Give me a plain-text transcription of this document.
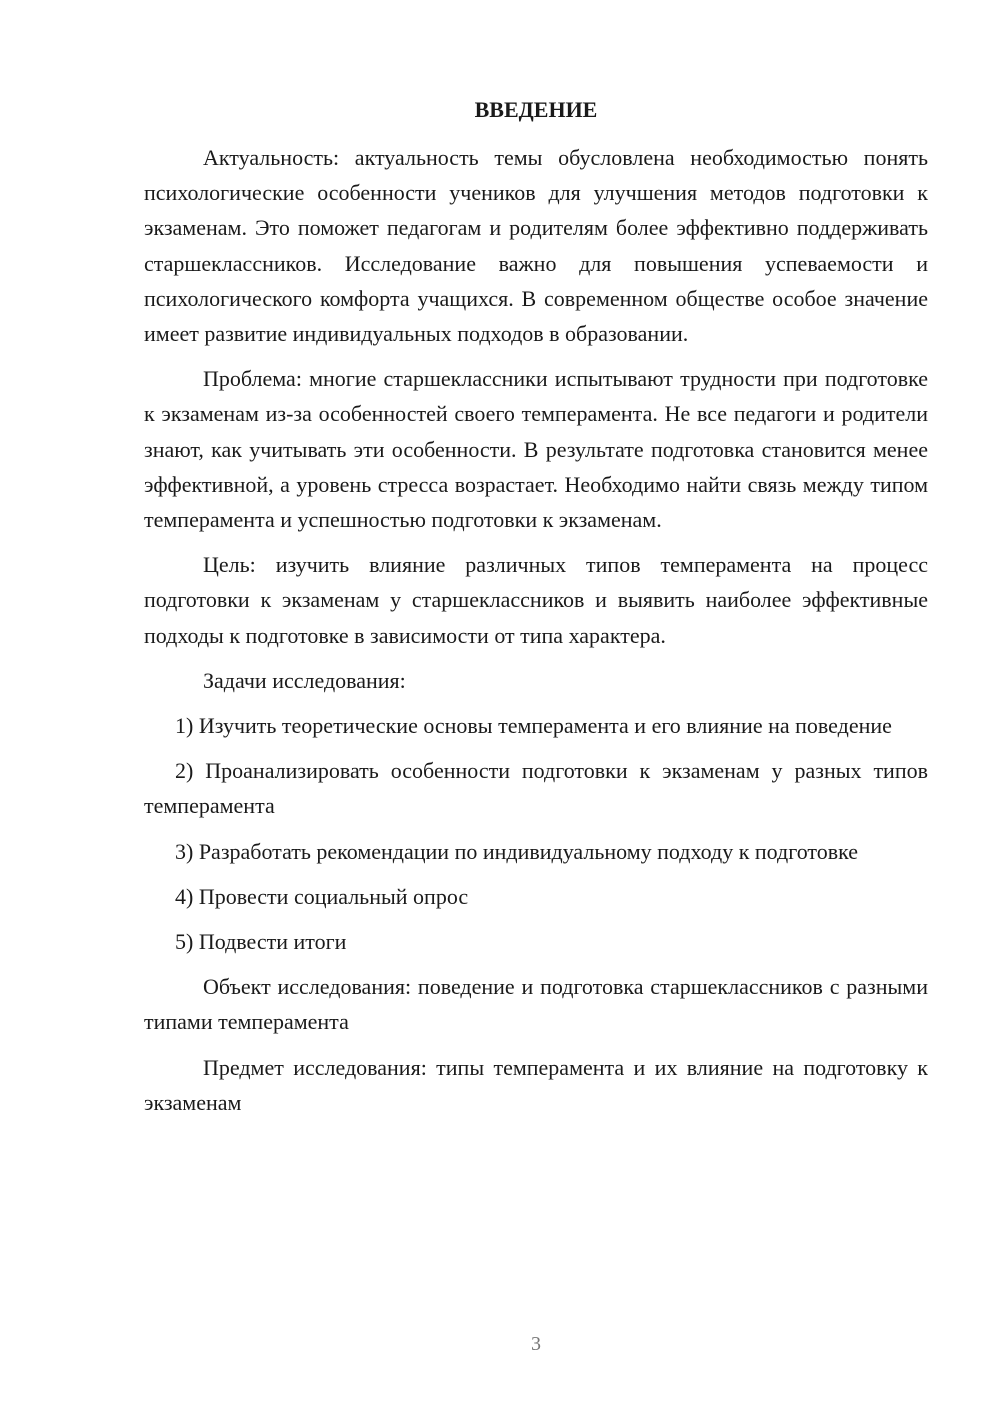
ВВЕДЕНИЕ

Актуальность: актуальность темы обусловлена необходимостью понять психологические особенности учеников для улучшения методов подготовки к экзаменам. Это поможет педагогам и родителям более эффективно поддерживать старшеклассников. Исследование важно для повышения успеваемости и психологического комфорта учащихся. В современном обществе особое значение имеет развитие индивидуальных подходов в образовании.

Проблема: многие старшеклассники испытывают трудности при подготовке к экзаменам из-за особенностей своего темперамента. Не все педагоги и родители знают, как учитывать эти особенности. В результате подготовка становится менее эффективной, а уровень стресса возрастает. Необходимо найти связь между типом темперамента и успешностью подготовки к экзаменам.

Цель: изучить влияние различных типов темперамента на процесс подготовки к экзаменам у старшеклассников и выявить наиболее эффективные подходы к подготовке в зависимости от типа характера.

Задачи исследования:

1) Изучить теоретические основы темперамента и его влияние на поведение

2) Проанализировать особенности подготовки к экзаменам у разных типов темперамента

3) Разработать рекомендации по индивидуальному подходу к подготовке

4) Провести социальный опрос

5) Подвести итоги

Объект исследования: поведение и подготовка старшеклассников с разными типами темперамента

Предмет исследования: типы темперамента и их влияние на подготовку к экзаменам

3
